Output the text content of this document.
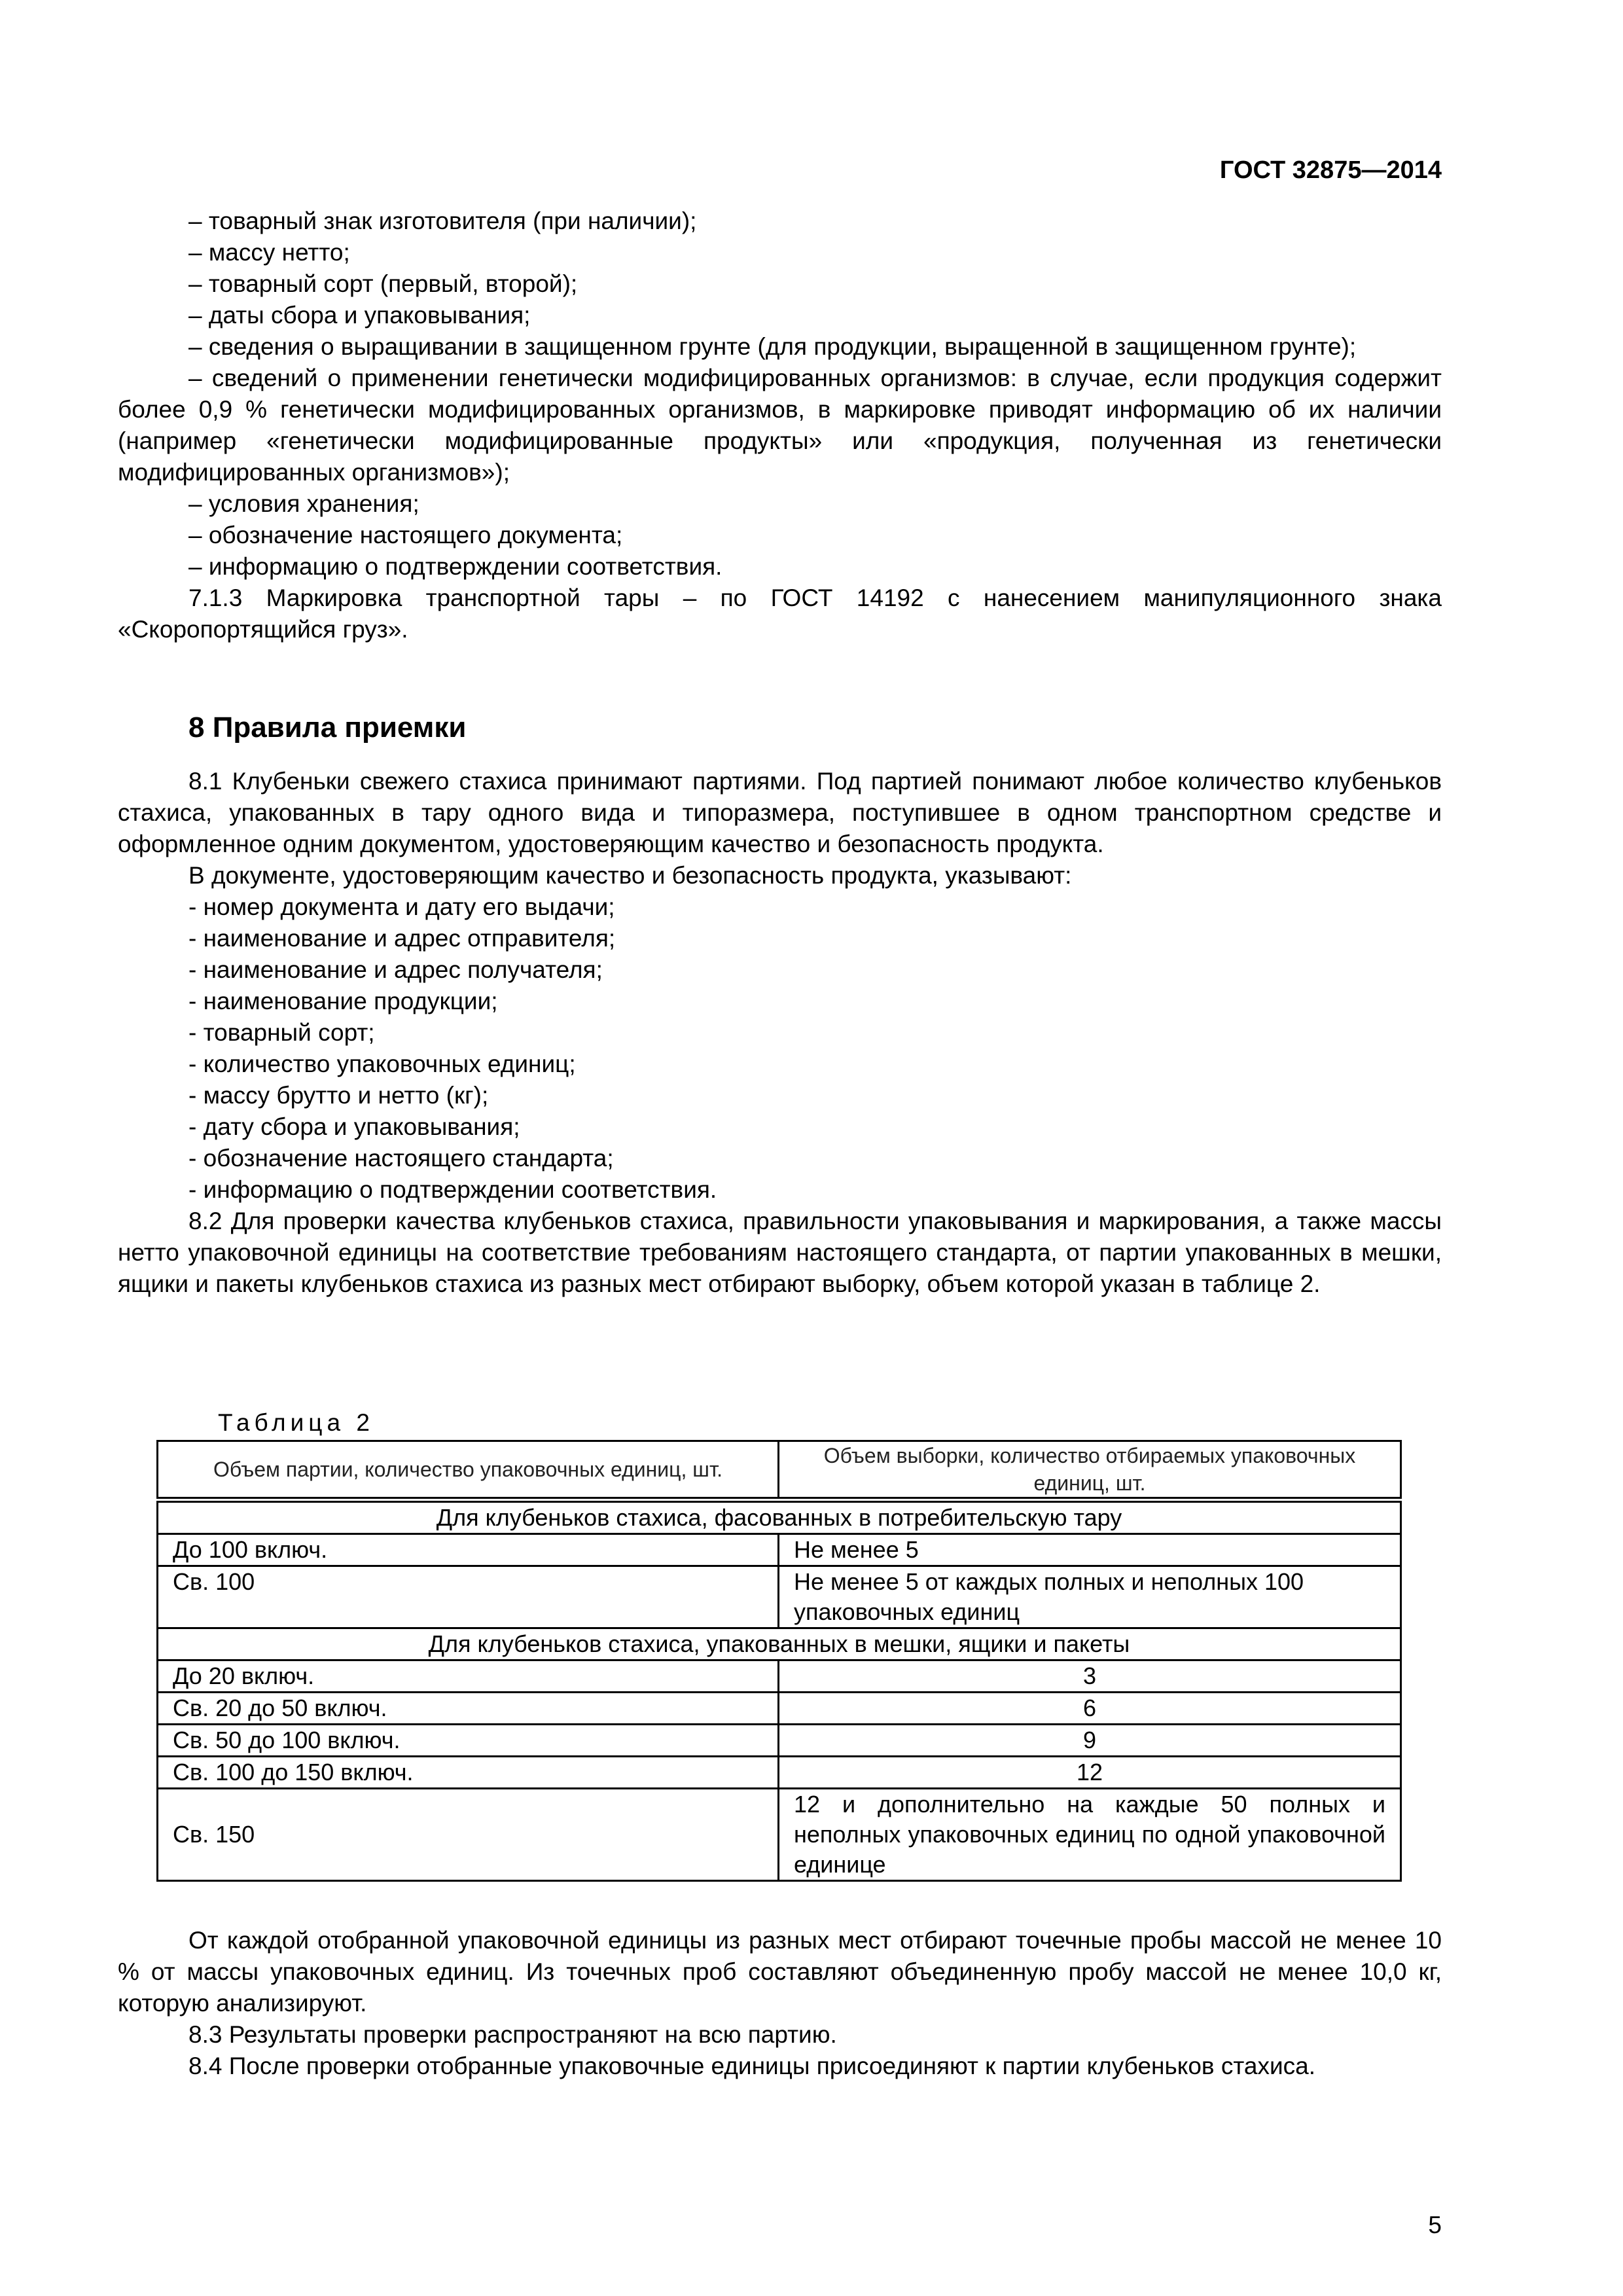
ГОСТ 32875—2014

– товарный знак изготовителя (при наличии);

– массу нетто;

– товарный сорт (первый, второй);

– даты сбора и упаковывания;

– сведения о выращивании в защищенном грунте (для продукции, выращенной в защищенном грунте);

– сведений о применении генетически модифицированных организмов: в случае, если продукция содержит более 0,9 % генетически модифицированных организмов, в маркировке приводят информацию об их наличии (например «генетически модифицированные продукты» или «продукция, полученная из генетически модифицированных организмов»);

– условия хранения;

– обозначение настоящего документа;

– информацию о подтверждении соответствия.

7.1.3 Маркировка транспортной тары – по ГОСТ 14192 с нанесением манипуляционного знака «Скоропортящийся груз».

8 Правила приемки

8.1 Клубеньки свежего стахиса принимают партиями. Под партией понимают любое количество клубеньков стахиса, упакованных в тару одного вида и типоразмера, поступившее в одном транспортном средстве и оформленное одним документом, удостоверяющим качество и безопасность продукта.

В документе, удостоверяющим качество и безопасность продукта, указывают:

- номер документа и дату его выдачи;

- наименование и адрес отправителя;

- наименование и адрес получателя;

- наименование продукции;

- товарный сорт;

- количество упаковочных единиц;

- массу брутто и нетто (кг);

- дату сбора и упаковывания;

- обозначение настоящего стандарта;

- информацию о подтверждении соответствия.

8.2 Для проверки качества клубеньков стахиса, правильности упаковывания и маркирования, а также массы нетто упаковочной единицы на соответствие требованиям настоящего стандарта, от партии упакованных в мешки, ящики и пакеты клубеньков стахиса из разных мест отбирают выборку, объем которой указан в таблице 2.

Таблица 2
Объем партии, количество упаковочных единиц, шт.	Объем выборки, количество отбираемых упаковочных единиц, шт.
Для клубеньков стахиса, фасованных в потребительскую тару	
До 100 включ.	Не менее 5
Св. 100	Не менее 5 от каждых полных и неполных 100 упаковочных единиц
Для клубеньков стахиса, упакованных в мешки, ящики и пакеты	
До 20 включ.	3
Св. 20 до 50 включ.	6
Св. 50 до 100 включ.	9
Св. 100 до 150 включ.	12
Св. 150	12 и дополнительно на каждые 50 полных и неполных упаковочных единиц по одной упаковочной единице

От каждой отобранной упаковочной единицы из разных мест отбирают точечные пробы массой не менее 10 % от массы упаковочных единиц. Из точечных проб составляют объединенную пробу массой не менее 10,0 кг, которую анализируют.

8.3 Результаты проверки распространяют на всю партию.

8.4 После проверки отобранные упаковочные единицы присоединяют к партии клубеньков стахиса.

5
